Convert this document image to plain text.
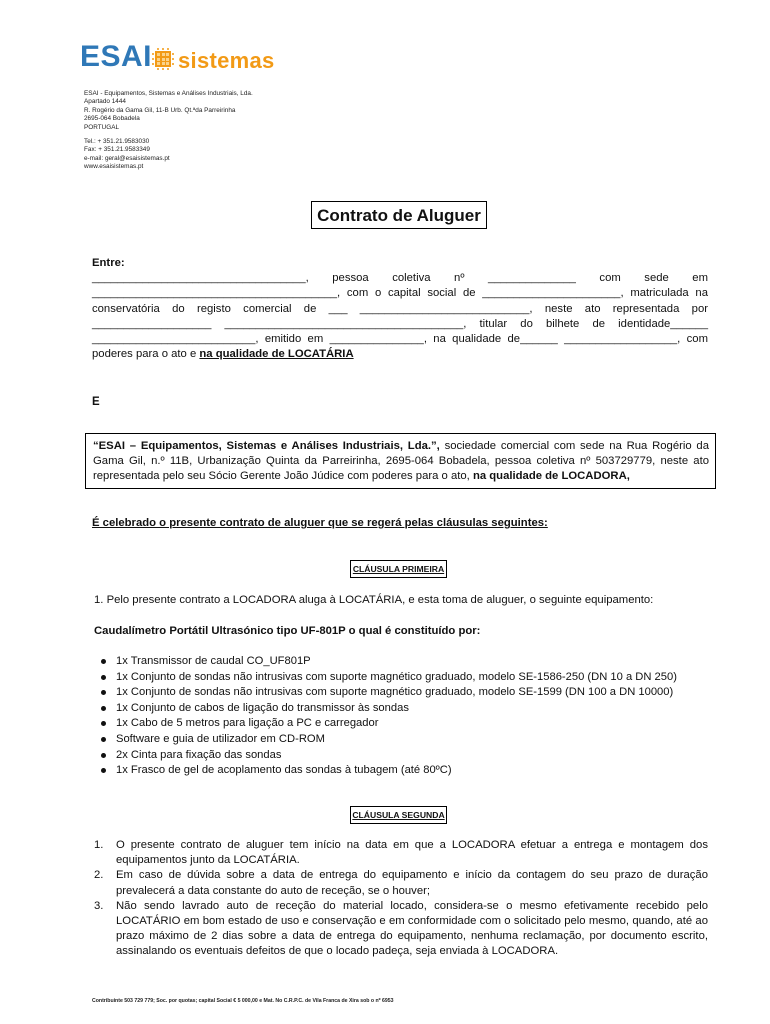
ESAI sistemas
ESAI - Equipamentos, Sistemas e Análises Industriais, Lda.
Apartado 1444
R. Rogério da Gama Gil, 11-B Urb. Qt.ªda Parreirinha
2695-064 Bobadela
PORTUGAL
Tel.: + 351.21.9583030
Fax: + 351.21.9583349
e-mail: geral@esaisistemas.pt
www.esaisistemas.pt
Contrato de Aluguer
Entre:
__________________________________, pessoa coletiva nº ______________ com sede em
_______________________________________, com o capital social de ______________________, matriculada na
conservatória do registo comercial de ___ ___________________________, neste ato representada por
___________________ ______________________________________, titular do bilhete de identidade______
__________________________, emitido em _______________, na qualidade de______ __________________, com
poderes para o ato e na qualidade de LOCATÁRIA
E
“ESAI – Equipamentos, Sistemas e Análises Industriais, Lda.”, sociedade comercial com sede na Rua Rogério da Gama Gil, n.º 11B, Urbanização Quinta da Parreirinha, 2695-064 Bobadela, pessoa coletiva nº 503729779, neste ato representada pelo seu Sócio Gerente João Júdice com poderes para o ato, na qualidade de LOCADORA,
É celebrado o presente contrato de aluguer que se regerá pelas cláusulas seguintes:
CLÁUSULA PRIMEIRA
1. Pelo presente contrato a LOCADORA aluga à LOCATÁRIA, e esta toma de aluguer, o seguinte equipamento:
Caudalímetro Portátil Ultrasónico tipo UF-801P o qual é constituído por:
1x Transmissor de caudal CO_UF801P
1x Conjunto de sondas não intrusivas com suporte magnético graduado, modelo SE-1586-250 (DN 10 a DN 250)
1x Conjunto de sondas não intrusivas com suporte magnético graduado, modelo SE-1599 (DN 100 a DN 10000)
1x Conjunto de cabos de ligação do transmissor às sondas
1x Cabo de 5 metros para ligação a PC e carregador
Software e guia de utilizador em CD-ROM
2x Cinta para fixação das sondas
1x Frasco de gel de acoplamento das sondas à tubagem (até 80ºC)
CLÁUSULA SEGUNDA
1. O presente contrato de aluguer tem início na data em que a LOCADORA efetuar a entrega e montagem dos equipamentos junto da LOCATÁRIA.
2. Em caso de dúvida sobre a data de entrega do equipamento e início da contagem do seu prazo de duração prevalecerá a data constante do auto de receção, se o houver;
3. Não sendo lavrado auto de receção do material locado, considera-se o mesmo efetivamente recebido pelo LOCATÁRIO em bom estado de uso e conservação e em conformidade com o solicitado pelo mesmo, quando, até ao prazo máximo de 2 dias sobre a data de entrega do equipamento, nenhuma reclamação, por documento escrito, assinalando os eventuais defeitos de que o locado padeça, seja enviada à LOCADORA.
Contribuinte 503 729 779; Soc. por quotas; capital Social € 5 000,00 e Mat. No C.R.P.C. de Vila Franca de Xira sob o nº 6953
